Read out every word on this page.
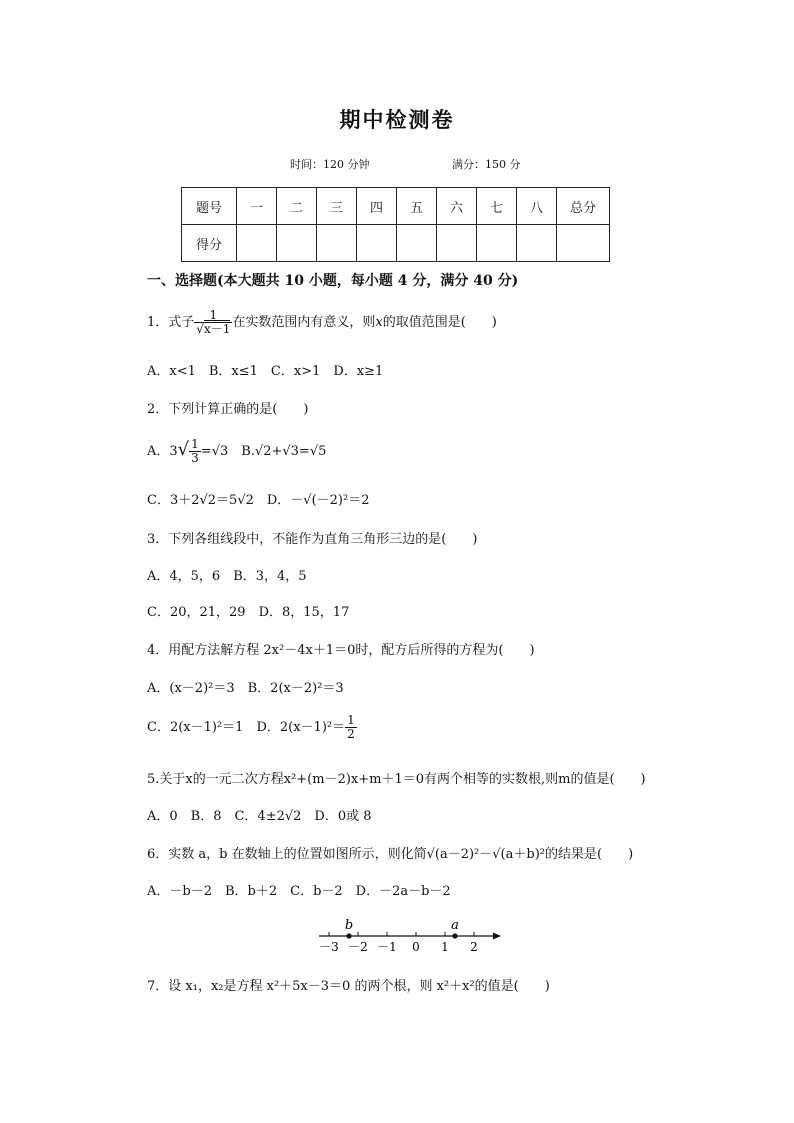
期中检测卷
时间：120 分钟	满分：150 分
题号	一	二	三	四	五	六	七	八	总分
得分									
一、选择题(本大题共 10 小题，每小题 4 分，满分 40 分)
1．式子 $\frac{1}{√x-1}$ 在实数范围内有意义，则x的取值范围是( )
A．x<1　B．x≤1　C．x>1　D．x≥1
2．下列计算正确的是( )
A．$3√ \frac{1}{3} =√3$　B.√2+√3=√5
C．3＋2√2＝5√2　D．－√(－2)²＝2
3．下列各组线段中，不能作为直角三角形三边的是( )
A．4，5，6　B．3，4，5
C．20，21，29　D．8，15，17
4．用配方法解方程 2x²－4x＋1＝0时，配方后所得的方程为( )
A．(x－2)²＝3　B．2(x－2)²＝3
C．2(x－1)²＝1　D．$2(x-1)^2= \frac{1}{2}$
5.关于x的一元二次方程x²+(m－2)x+m＋1＝0有两个相等的实数根,则m的值是( )
A．0　B．8　C．4±2√2　D．0或 8
6．实数 a，b 在数轴上的位置如图所示，则化简√(a－2)²－√(a＋b)²的结果是( )
A．－b－2　B．b＋2　C．b－2　D．－2a－b－2
b	a
－3 －2 －1 0 1 2
7．设 x₁，x₂是方程 x²＋5x－3＝0 的两个根，则 x²＋x²的值是( )
